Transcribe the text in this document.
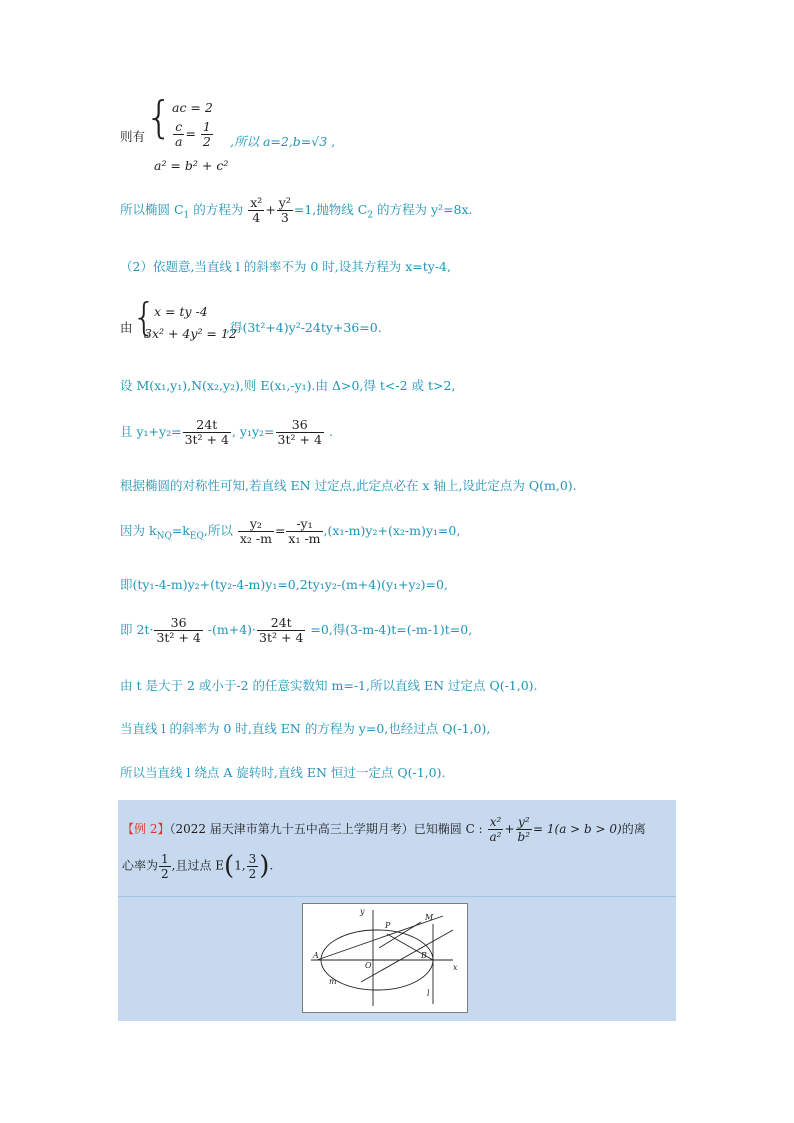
则有 { ac = 2
$\frac{c}{a} = \frac{1}{2}$
a² = b² + c²
,所以 a=2,b=√3 ,
所以椭圆 $C_1$ 的方程为 $\frac{\text{x²}}{4} + \frac{\text{y²}}{3} =1$,抛物线 $C_2$ 的方程为 y²=8x.
（2）依题意,当直线 l 的斜率不为 0 时,设其方程为 x=ty-4,
由 {
x = ty -4
3x² + 4y² = 12
,得(3t²+4)y²-24ty+36=0.
设 M(x₁,y₁),N(x₂,y₂),则 E(x₁,-y₁).由 Δ>0,得 t<-2 或 t>2,
且 $y_1+y_2= \frac{24t}{\text{3t² + 4}}$ , $y_1y_2= \frac{36}{\text{3t² + 4}}$ .
根据椭圆的对称性可知,若直线 EN 过定点,此定点必在 x 轴上,设此定点为 Q(m,0).
因为 $k_{NQ}=k_{EQ}$,所以 $\frac{\text{y₂}}{\text{x₂ -m}} = \frac{\text{-y₁}}{\text{x₁ -m}} ,(x_1-m)y_2+(x_2-m)y_1=0$,
即(ty₁-4-m)y₂+(ty₂-4-m)y₁=0,2ty₁y₂-(m+4)(y₁+y₂)=0,
即 $2t\cdot \frac{36}{\text{3t² + 4}} -(m+4)\cdot \frac{24t}{\text{3t² + 4}} =0$,得(3-m-4)t=(-m-1)t=0,
由 t 是大于 2 或小于-2 的任意实数知 m=-1,所以直线 EN 过定点 Q(-1,0).
当直线 l 的斜率为 0 时,直线 EN 的方程为 y=0,也经过点 Q(-1,0),
所以当直线 l 绕点 A 旋转时,直线 EN 恒过一定点 Q(-1,0).
【例 2】（2022 届天津市第九十五中高三上学期月考）已知椭圆 C : $\frac{\text{x²}}{\text{a²}} + \frac{\text{y²}}{\text{b²}} = 1(a > b > 0)$的离
心率为 $\frac{1}{2}$ ,且过点 E(1, $\frac{3}{2}$ ).
y
M
P
A
O
B
x
m
l
